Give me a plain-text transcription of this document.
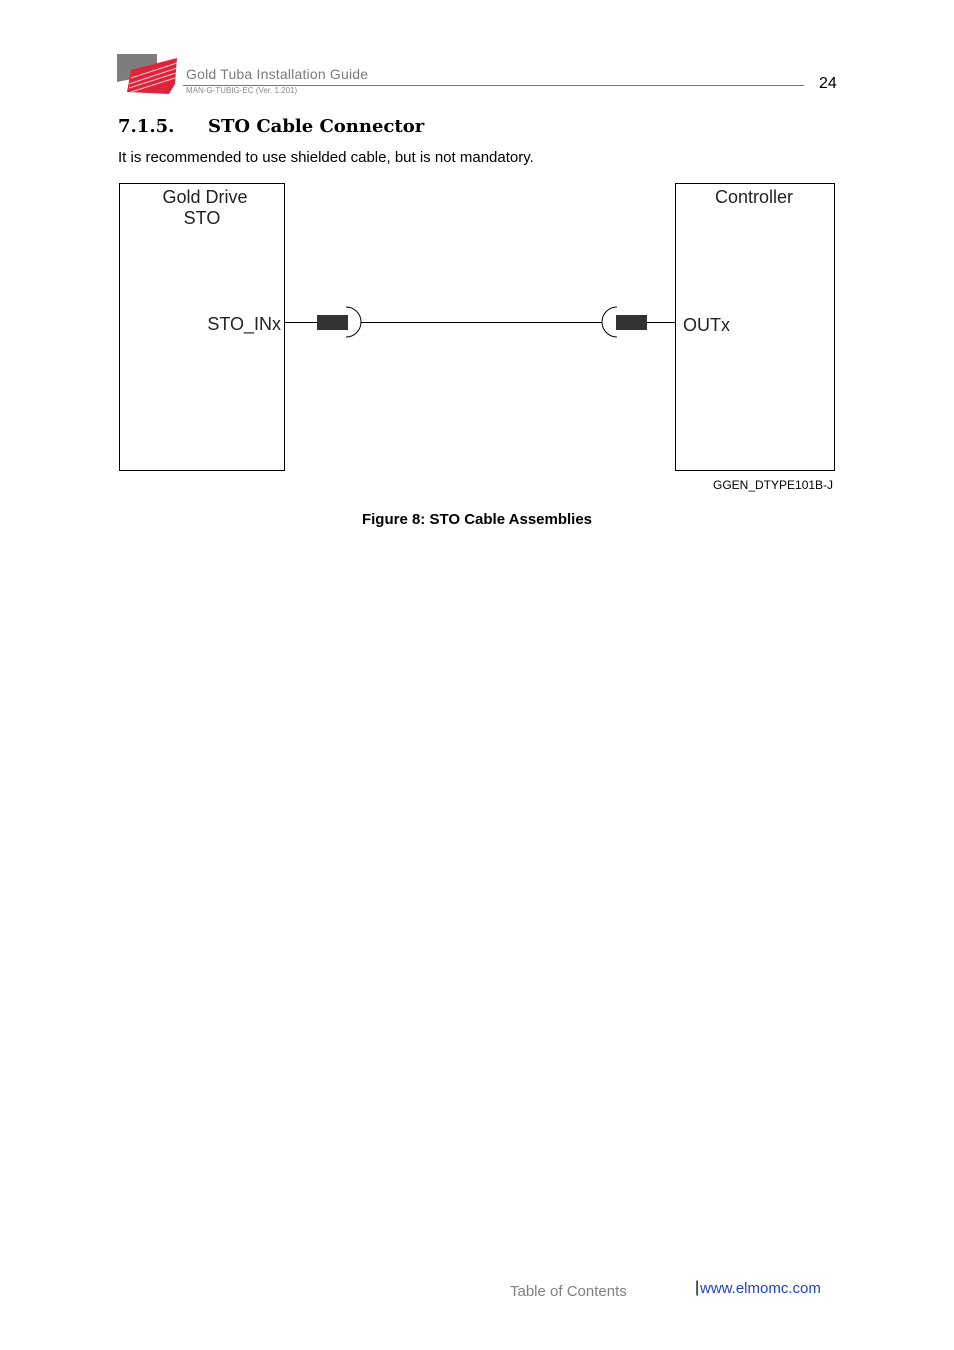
Gold Tuba Installation Guide
MAN-G-TUBIG-EC (Ver. 1.201)	24
7.1.5. STO Cable Connector
It is recommended to use shielded cable, but is not mandatory.
Gold Drive
STO
STO_INx
Controller
OUTx
GGEN_DTYPE101B-J
Figure 8: STO Cable Assemblies
Table of Contents	| www.elmomc.com
